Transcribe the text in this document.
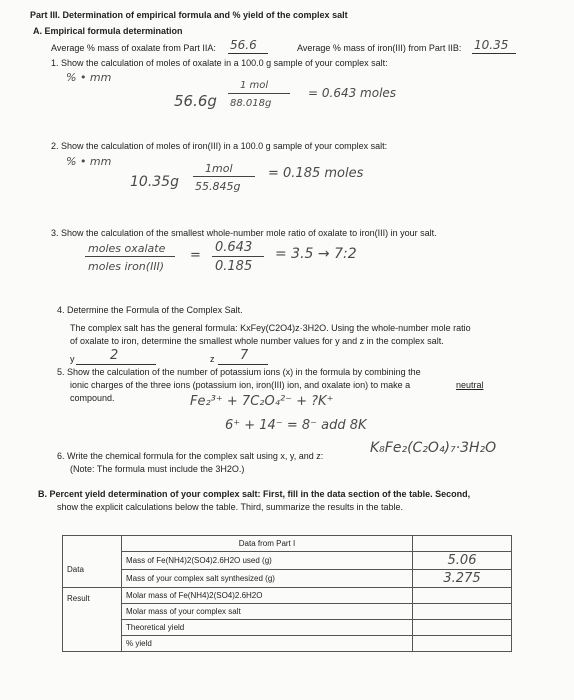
Part III. Determination of empirical formula and % yield of the complex salt
A. Empirical formula determination
Average % mass of oxalate from Part IIA: 56.6	Average % mass of iron(III) from Part IIB: 10.35
1. Show the calculation of moles of oxalate in a 100.0 g sample of your complex salt:
% • mm
56.6g
1 mol
88.018g
= 0.643 moles
2. Show the calculation of moles of iron(III) in a 100.0 g sample of your complex salt:
% • mm
10.35g
1mol
55.845g
= 0.185 moles
3. Show the calculation of the smallest whole-number mole ratio of oxalate to iron(III) in your salt.
moles oxalate
moles iron(III)
=
0.643
0.185
= 3.5 → 7:2
4. Determine the Formula of the Complex Salt.
The complex salt has the general formula: KxFey(C2O4)z·3H2O. Using the whole-number mole ratio
of oxalate to iron, determine the smallest whole number values for y and z in the complex salt.
y	2	z 7
5. Show the calculation of the number of potassium ions (x) in the formula by combining the
ionic charges of the three ions (potassium ion, iron(III) ion, and oxalate ion) to make a	neutral
compound.	Fe₂³⁺ + 7C₂O₄²⁻ + ?K⁺
6⁺ + 14⁻ = 8⁻ add 8K
6. Write the chemical formula for the complex salt using x, y, and z:
(Note: The formula must include the 3H2O.)
K₈Fe₂(C₂O₄)₇·3H₂O
B. Percent yield determination of your complex salt: First, fill in the data section of the table. Second,
show the explicit calculations below the table. Third, summarize the results in the table.
	Data from Part I	
Data	Mass of Fe(NH4)2(SO4)2.6H2O used (g)	5.06
	Mass of your complex salt synthesized (g)	3.275
Result	Molar mass of Fe(NH4)2(SO4)2.6H2O	
	Molar mass of your complex salt	
	Theoretical yield	
	% yield	
